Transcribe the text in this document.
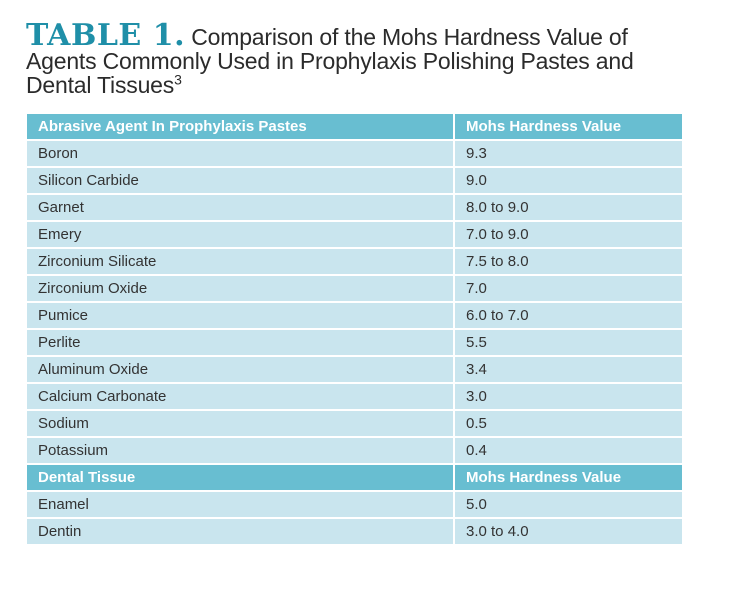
TABLE 1. Comparison of the Mohs Hardness Value of
Agents Commonly Used in Prophylaxis Polishing Pastes and
Dental Tissues$^3$
Abrasive Agent In Prophylaxis Pastes	Mohs Hardness Value
Boron	9.3
Silicon Carbide	9.0
Garnet	8.0 to 9.0
Emery	7.0 to 9.0
Zirconium Silicate	7.5 to 8.0
Zirconium Oxide	7.0
Pumice	6.0 to 7.0
Perlite	5.5
Aluminum Oxide	3.4
Calcium Carbonate	3.0
Sodium	0.5
Potassium	0.4
Dental Tissue	Mohs Hardness Value
Enamel	5.0
Dentin	3.0 to 4.0
